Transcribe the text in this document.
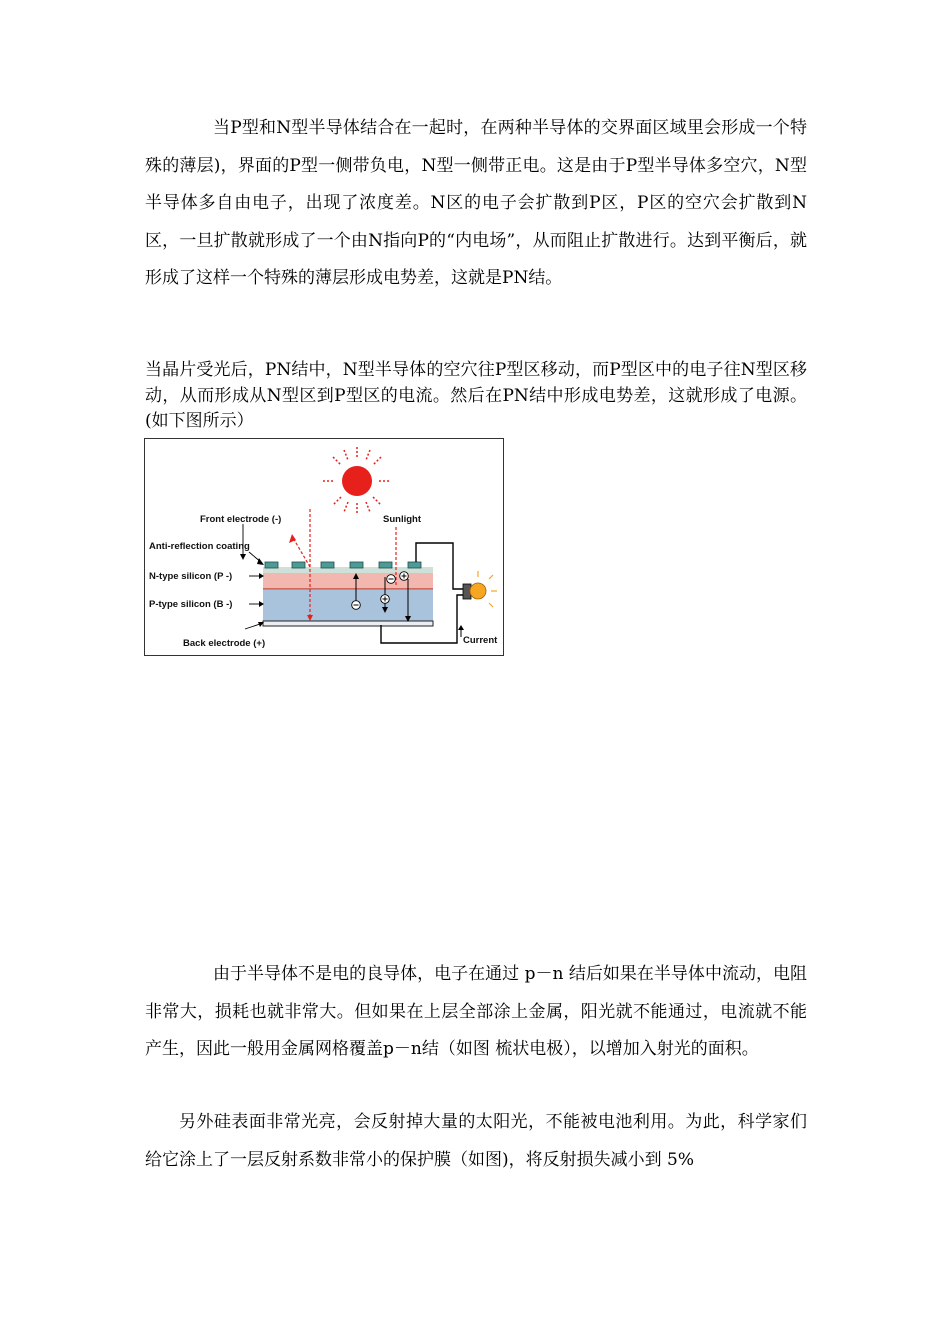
当P型和N型半导体结合在一起时，在两种半导体的交界面区域里会形成一个特殊的薄层)，界面的P型一侧带负电，N型一侧带正电。这是由于P型半导体多空穴，N型半导体多自由电子，出现了浓度差。N区的电子会扩散到P区，P区的空穴会扩散到N区，一旦扩散就形成了一个由N指向P的“内电场”，从而阻止扩散进行。达到平衡后，就形成了这样一个特殊的薄层形成电势差，这就是PN结。

当晶片受光后，PN结中，N型半导体的空穴往P型区移动，而P型区中的电子往N型区移动，从而形成从N型区到P型区的电流。然后在PN结中形成电势差，这就形成了电源。(如下图所示）

Front electrode (-)	Sunlight
Anti-reflection coating
N-type silicon (P -)
P-type silicon (B -)
Back electrode (+)	Current

由于半导体不是电的良导体，电子在通过 p－n 结后如果在半导体中流动，电阻非常大，损耗也就非常大。但如果在上层全部涂上金属，阳光就不能通过，电流就不能产生，因此一般用金属网格覆盖p－n结（如图 梳状电极），以增加入射光的面积。

另外硅表面非常光亮，会反射掉大量的太阳光，不能被电池利用。为此，科学家们给它涂上了一层反射系数非常小的保护膜（如图)，将反射损失减小到 5%
